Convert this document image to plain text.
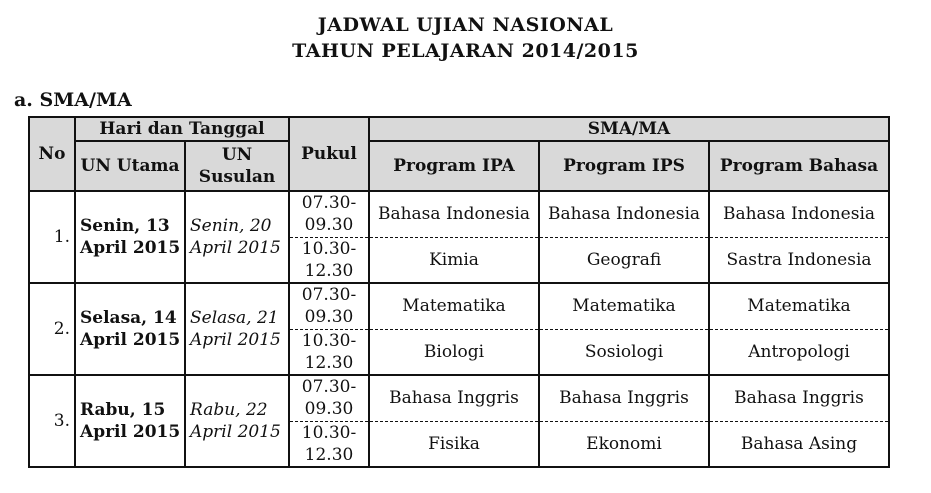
JADWAL UJIAN NASIONAL
TAHUN PELAJARAN 2014/2015
a. SMA/MA
No	Hari dan Tanggal		Pukul	SMA/MA		
	UN Utama	UN Susulan		Program IPA	Program IPS	Program Bahasa
1.	Senin, 13 April 2015	Senin, 20 April 2015	07.30-09.30	Bahasa Indonesia	Bahasa Indonesia	Bahasa Indonesia
			10.30-12.30	Kimia	Geografi	Sastra Indonesia
2.	Selasa, 14 April 2015	Selasa, 21 April 2015	07.30-09.30	Matematika	Matematika	Matematika
			10.30-12.30	Biologi	Sosiologi	Antropologi
3.	Rabu, 15 April 2015	Rabu, 22 April 2015	07.30-09.30	Bahasa Inggris	Bahasa Inggris	Bahasa Inggris
			10.30-12.30	Fisika	Ekonomi	Bahasa Asing
